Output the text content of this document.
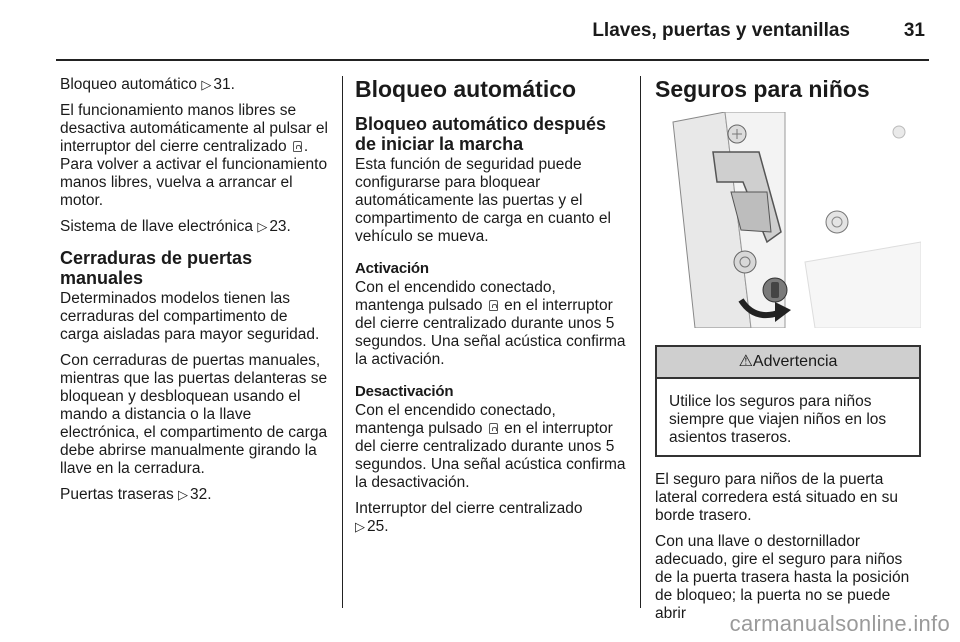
Llaves, puertas y ventanillas	31

Bloqueo automático ▷ 31.

El funcionamiento manos libres se desactiva automáticamente al pulsar el interruptor del cierre centralizado . Para volver a activar el funcionamiento manos libres, vuelva a arrancar el motor.

Sistema de llave electrónica ▷ 23.

Cerraduras de puertas manuales

Determinados modelos tienen las cerraduras del compartimento de carga aisladas para mayor seguridad.

Con cerraduras de puertas manuales, mientras que las puertas delanteras se bloquean y desbloquean usando el mando a distancia o la llave electrónica, el compartimento de carga debe abrirse manualmente girando la llave en la cerradura.

Puertas traseras ▷ 32.

Bloqueo automático
Bloqueo automático después de iniciar la marcha

Esta función de seguridad puede configurarse para bloquear automáticamente las puertas y el compartimento de carga en cuanto el vehículo se mueva.

Activación

Con el encendido conectado, mantenga pulsado en el interruptor del cierre centralizado durante unos 5 segundos. Una señal acústica confirma la activación.

Desactivación

Con el encendido conectado, mantenga pulsado en el interruptor del cierre centralizado durante unos 5 segundos. Una señal acústica confirma la desactivación.

Interruptor del cierre centralizado
▷ 25.

Seguros para niños
⚠Advertencia
Utilice los seguros para niños siempre que viajen niños en los asientos traseros.

El seguro para niños de la puerta lateral corredera está situado en su borde trasero.

Con una llave o destornillador adecuado, gire el seguro para niños de la puerta trasera hasta la posición de bloqueo; la puerta no se puede abrir	carmanualsonline.info
